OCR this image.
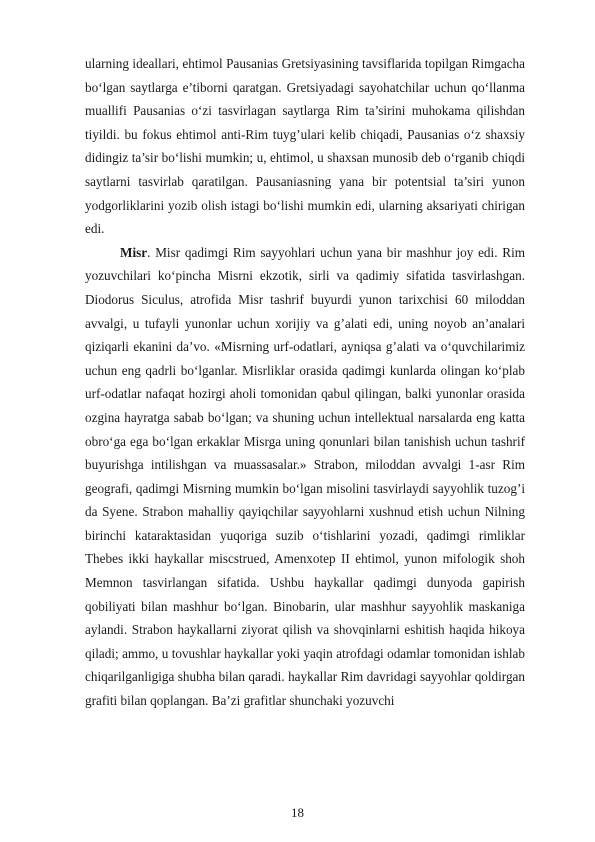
ularning ideallari, ehtimol Pausanias Gretsiyasining tavsiflarida topilgan Rimgacha bo‘lgan saytlarga e’tiborni qaratgan. Gretsiyadagi sayohatchilar uchun qo‘llanma muallifi Pausanias o‘zi tasvirlagan saytlarga Rim ta’sirini muhokama qilishdan tiyildi. bu fokus ehtimol anti-Rim tuyg’ulari kelib chiqadi, Pausanias o‘z shaxsiy didingiz ta’sir bo‘lishi mumkin; u, ehtimol, u shaxsan munosib deb o‘rganib chiqdi saytlarni tasvirlab qaratilgan. Pausaniasning yana bir potentsial ta’siri yunon yodgorliklarini yozib olish istagi bo‘lishi mumkin edi, ularning aksariyati chirigan edi.

Misr. Misr qadimgi Rim sayyohlari uchun yana bir mashhur joy edi. Rim yozuvchilari ko‘pincha Misrni ekzotik, sirli va qadimiy sifatida tasvirlashgan. Diodorus Siculus, atrofida Misr tashrif buyurdi yunon tarixchisi 60 miloddan avvalgi, u tufayli yunonlar uchun xorijiy va g’alati edi, uning noyob an’analari qiziqarli ekanini da’vo. «Misrning urf-odatlari, ayniqsa g’alati va o‘quvchilarimiz uchun eng qadrli bo‘lganlar. Misrliklar orasida qadimgi kunlarda olingan ko‘plab urf-odatlar nafaqat hozirgi aholi tomonidan qabul qilingan, balki yunonlar orasida ozgina hayratga sabab bo‘lgan; va shuning uchun intellektual narsalarda eng katta obro‘ga ega bo‘lgan erkaklar Misrga uning qonunlari bilan tanishish uchun tashrif buyurishga intilishgan va muassasalar.» Strabon, miloddan avvalgi 1-asr Rim geografi, qadimgi Misrning mumkin bo‘lgan misolini tasvirlaydi sayyohlik tuzog’i da Syene. Strabon mahalliy qayiqchilar sayyohlarni xushnud etish uchun Nilning birinchi kataraktasidan yuqoriga suzib o‘tishlarini yozadi, qadimgi rimliklar Thebes ikki haykallar miscstrued, Amenxotep II ehtimol, yunon mifologik shoh Memnon tasvirlangan sifatida. Ushbu haykallar qadimgi dunyoda gapirish qobiliyati bilan mashhur bo‘lgan. Binobarin, ular mashhur sayyohlik maskaniga aylandi. Strabon haykallarni ziyorat qilish va shovqinlarni eshitish haqida hikoya qiladi; ammo, u tovushlar haykallar yoki yaqin atrofdagi odamlar tomonidan ishlab chiqarilganligiga shubha bilan qaradi. haykallar Rim davridagi sayyohlar qoldirgan grafiti bilan qoplangan. Ba’zi grafitlar shunchaki yozuvchi

18
